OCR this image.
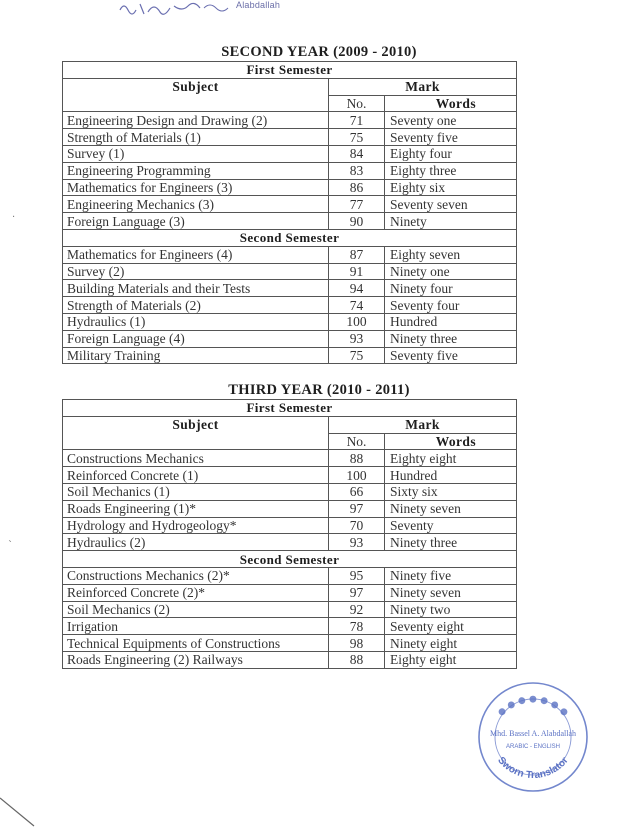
Alabdallah
SECOND YEAR (2009 - 2010)
First Semester		
Subject	Mark	
	No.	Words
Engineering Design and Drawing (2)	71	Seventy one
Strength of Materials (1)	75	Seventy five
Survey (1)	84	Eighty four
Engineering Programming	83	Eighty three
Mathematics for Engineers (3)	86	Eighty six
Engineering Mechanics (3)	77	Seventy seven
Foreign Language (3)	90	Ninety
Second Semester		
Mathematics for Engineers (4)	87	Eighty seven
Survey (2)	91	Ninety one
Building Materials and their Tests	94	Ninety four
Strength of Materials (2)	74	Seventy four
Hydraulics (1)	100	Hundred
Foreign Language (4)	93	Ninety three
Military Training	75	Seventy five
THIRD YEAR (2010 - 2011)
First Semester		
Subject	Mark	
	No.	Words
Constructions Mechanics	88	Eighty eight
Reinforced Concrete (1)	100	Hundred
Soil Mechanics (1)	66	Sixty six
Roads Engineering (1)*	97	Ninety seven
Hydrology and Hydrogeology*	70	Seventy
Hydraulics (2)	93	Ninety three
Second Semester		
Constructions Mechanics (2)*	95	Ninety five
Reinforced Concrete (2)*	97	Ninety seven
Soil Mechanics (2)	92	Ninety two
Irrigation	78	Seventy eight
Technical Equipments of Constructions	98	Ninety eight
Roads Engineering (2) Railways	88	Eighty eight
·
`
● ● ● ● ● ● ●
Mhd. Bassel A. Alabdallah
ARABIC - ENGLISH
Sworn Translator
